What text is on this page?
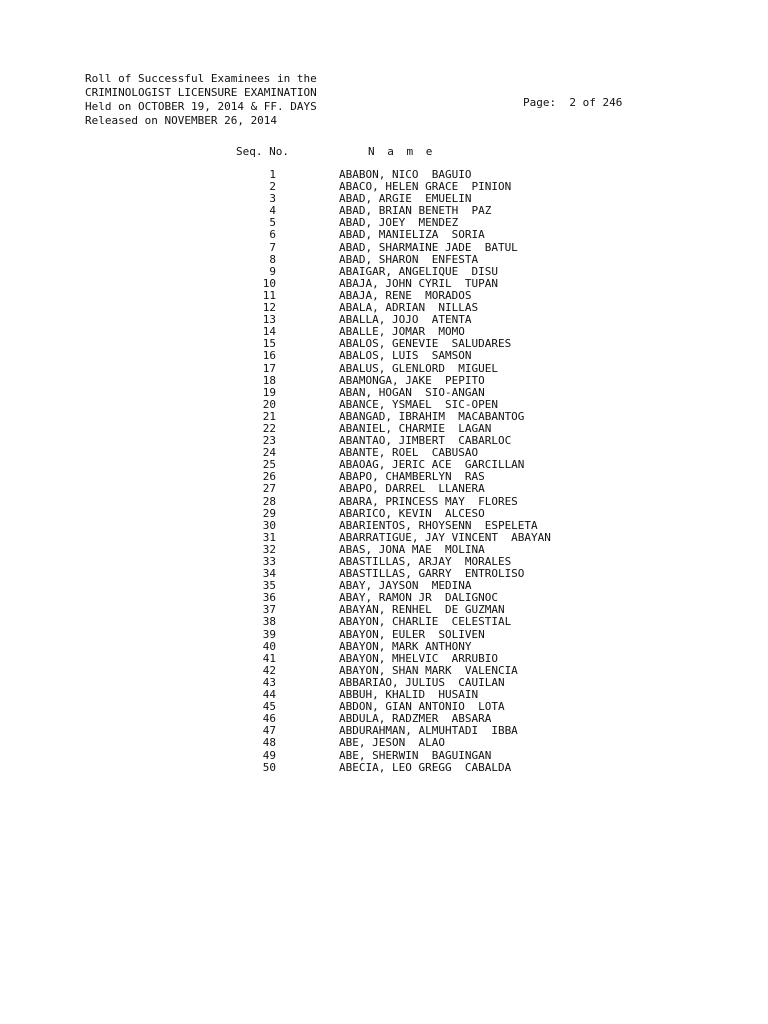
Roll of Successful Examinees in the
CRIMINOLOGIST LICENSURE EXAMINATION
Held on OCTOBER 19, 2014 & FF. DAYS
Released on NOVEMBER 26, 2014
Page:  2 of 246
Seq. No.	N a m e
1	ABABON, NICO  BAGUIO
2	ABACO, HELEN GRACE  PINION
3	ABAD, ARGIE  EMUELIN
4	ABAD, BRIAN BENETH  PAZ
5	ABAD, JOEY  MENDEZ
6	ABAD, MANIELIZA  SORIA
7	ABAD, SHARMAINE JADE  BATUL
8	ABAD, SHARON  ENFESTA
9	ABAIGAR, ANGELIQUE  DISU
10	ABAJA, JOHN CYRIL  TUPAN
11	ABAJA, RENE  MORADOS
12	ABALA, ADRIAN  NILLAS
13	ABALLA, JOJO  ATENTA
14	ABALLE, JOMAR  MOMO
15	ABALOS, GENEVIE  SALUDARES
16	ABALOS, LUIS  SAMSON
17	ABALUS, GLENLORD  MIGUEL
18	ABAMONGA, JAKE  PEPITO
19	ABAN, HOGAN  SIO-ANGAN
20	ABANCE, YSMAEL  SIC-OPEN
21	ABANGAD, IBRAHIM  MACABANTOG
22	ABANIEL, CHARMIE  LAGAN
23	ABANTAO, JIMBERT  CABARLOC
24	ABANTE, ROEL  CABUSAO
25	ABAOAG, JERIC ACE  GARCILLAN
26	ABAPO, CHAMBERLYN  RAS
27	ABAPO, DARREL  LLANERA
28	ABARA, PRINCESS MAY  FLORES
29	ABARICO, KEVIN  ALCESO
30	ABARIENTOS, RHOYSENN  ESPELETA
31	ABARRATIGUE, JAY VINCENT  ABAYAN
32	ABAS, JONA MAE  MOLINA
33	ABASTILLAS, ARJAY  MORALES
34	ABASTILLAS, GARRY  ENTROLISO
35	ABAY, JAYSON  MEDINA
36	ABAY, RAMON JR  DALIGNOC
37	ABAYAN, RENHEL  DE GUZMAN
38	ABAYON, CHARLIE  CELESTIAL
39	ABAYON, EULER  SOLIVEN
40	ABAYON, MARK ANTHONY
41	ABAYON, MHELVIC  ARRUBIO
42	ABAYON, SHAN MARK  VALENCIA
43	ABBARIAO, JULIUS  CAUILAN
44	ABBUH, KHALID  HUSAIN
45	ABDON, GIAN ANTONIO  LOTA
46	ABDULA, RADZMER  ABSARA
47	ABDURAHMAN, ALMUHTADI  IBBA
48	ABE, JESON  ALAO
49	ABE, SHERWIN  BAGUINGAN
50	ABECIA, LEO GREGG  CABALDA
